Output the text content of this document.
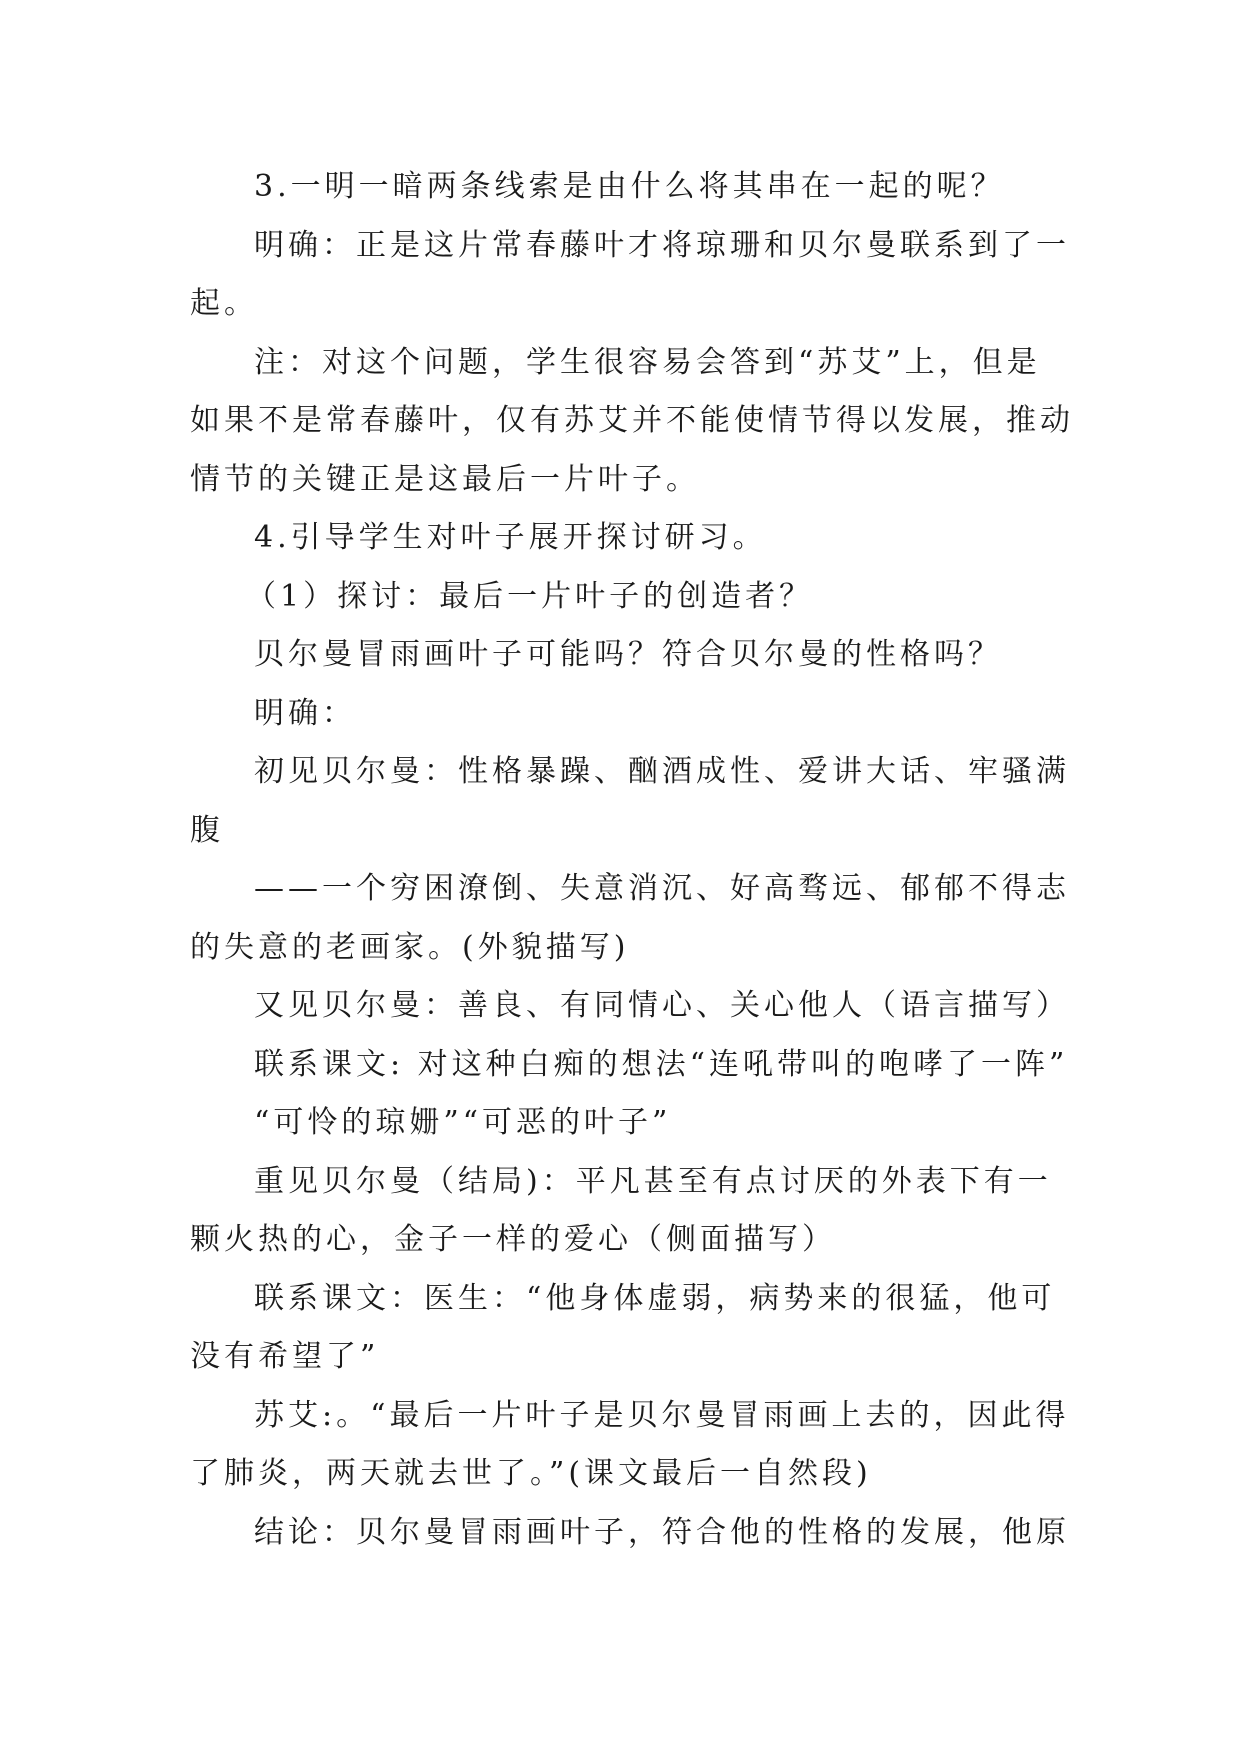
3.一明一暗两条线索是由什么将其串在一起的呢？

明确：正是这片常春藤叶才将琼珊和贝尔曼联系到了一

起。

注：对这个问题，学生很容易会答到“苏艾”上，但是

如果不是常春藤叶，仅有苏艾并不能使情节得以发展，推动

情节的关键正是这最后一片叶子。

4.引导学生对叶子展开探讨研习。

（1）探讨：最后一片叶子的创造者？

贝尔曼冒雨画叶子可能吗？符合贝尔曼的性格吗？

明确：

初见贝尔曼：性格暴躁、酗酒成性、爱讲大话、牢骚满

腹

——一个穷困潦倒、失意消沉、好高骛远、郁郁不得志

的失意的老画家。(外貌描写)

又见贝尔曼：善良、有同情心、关心他人（语言描写）

联系课文: 对这种白痴的想法“连吼带叫的咆哮了一阵”

“可怜的琼姗”“可恶的叶子”

重见贝尔曼（结局)：平凡甚至有点讨厌的外表下有一

颗火热的心，金子一样的爱心（侧面描写）

联系课文：医生：“他身体虚弱，病势来的很猛，他可

没有希望了”

苏艾:。“最后一片叶子是贝尔曼冒雨画上去的，因此得

了肺炎，两天就去世了。”(课文最后一自然段)

结论：贝尔曼冒雨画叶子，符合他的性格的发展，他原
